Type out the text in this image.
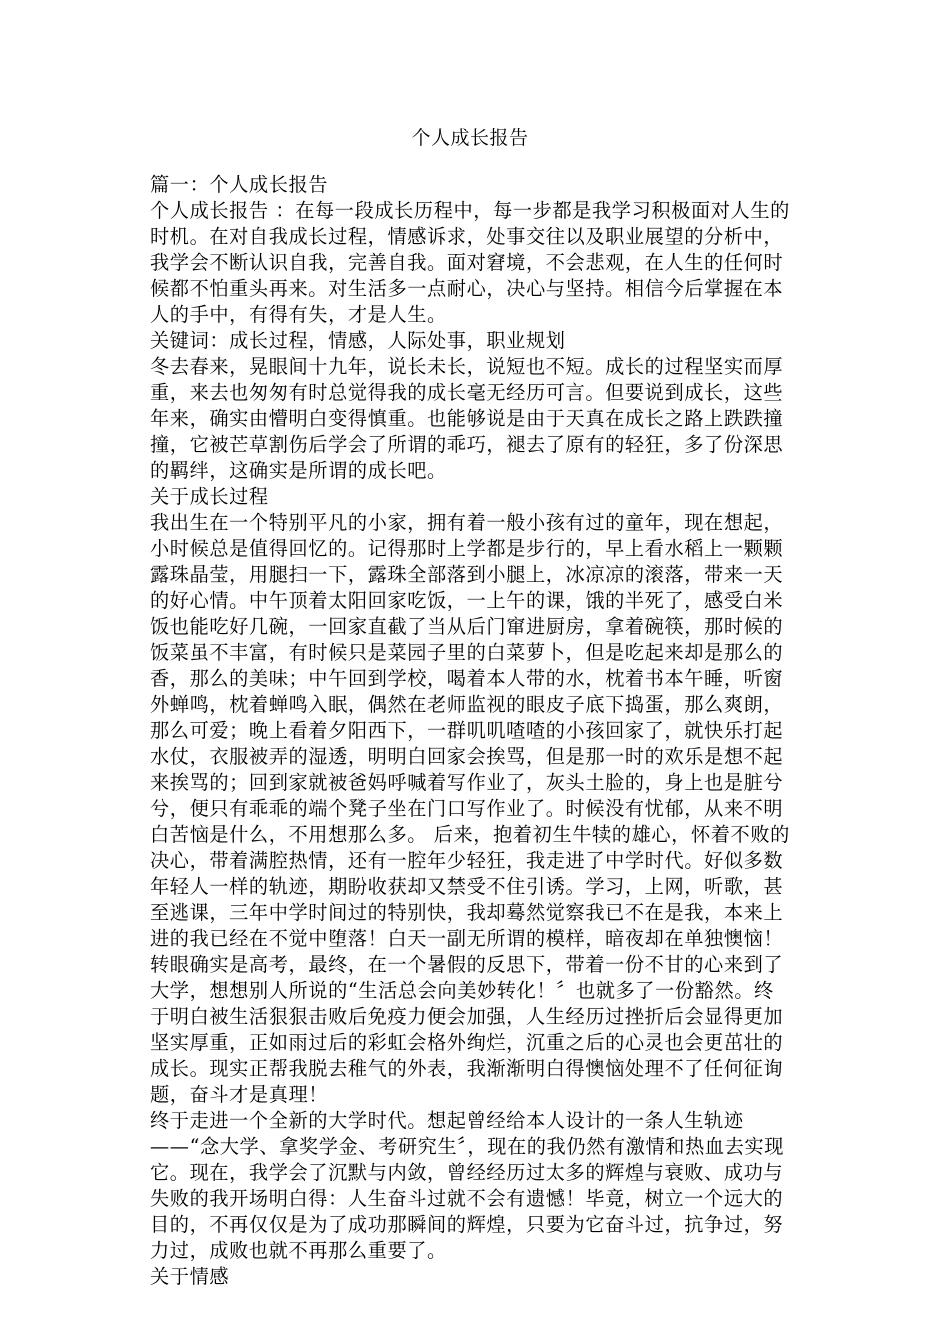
个人成长报告

篇一：个人成长报告

个人成长报告 ：在每一段成长历程中，每一步都是我学习积极面对人生的时机。在对自我成长过程，情感诉求，处事交往以及职业展望的分析中，我学会不断认识自我，完善自我。面对窘境，不会悲观，在人生的任何时候都不怕重头再来。对生活多一点耐心，决心与坚持。相信今后掌握在本人的手中，有得有失，才是人生。

关键词：成长过程，情感，人际处事，职业规划

冬去春来，晃眼间十九年，说长未长，说短也不短。成长的过程坚实而厚重，来去也匆匆有时总觉得我的成长毫无经历可言。但要说到成长，这些年来，确实由懵明白变得慎重。也能够说是由于天真在成长之路上跌跌撞撞，它被芒草割伤后学会了所谓的乖巧，褪去了原有的轻狂，多了份深思的羁绊，这确实是所谓的成长吧。

关于成长过程

我出生在一个特别平凡的小家，拥有着一般小孩有过的童年，现在想起，小时候总是值得回忆的。记得那时上学都是步行的，早上看水稻上一颗颗露珠晶莹，用腿扫一下，露珠全部落到小腿上，冰凉凉的滚落，带来一天的好心情。中午顶着太阳回家吃饭，一上午的课，饿的半死了，感受白米饭也能吃好几碗，一回家直截了当从后门窜进厨房，拿着碗筷，那时候的饭菜虽不丰富，有时候只是菜园子里的白菜萝卜，但是吃起来却是那么的香，那么的美味；中午回到学校，喝着本人带的水，枕着书本午睡，听窗外蝉鸣，枕着蝉鸣入眠，偶然在老师监视的眼皮子底下捣蛋，那么爽朗，那么可爱；晚上看着夕阳西下，一群叽叽喳喳的小孩回家了，就快乐打起水仗，衣服被弄的湿透，明明白回家会挨骂，但是那一时的欢乐是想不起来挨骂的；回到家就被爸妈呼喊着写作业了，灰头土脸的，身上也是脏兮兮，便只有乖乖的端个凳子坐在门口写作业了。时候没有忧郁，从来不明白苦恼是什么，不用想那么多。 后来，抱着初生牛犊的雄心，怀着不败的决心，带着满腔热情，还有一腔年少轻狂，我走进了中学时代。好似多数年轻人一样的轨迹，期盼收获却又禁受不住引诱。学习，上网，听歌，甚至逃课，三年中学时间过的特别快，我却蓦然觉察我已不在是我，本来上进的我已经在不觉中堕落！白天一副无所谓的模样，暗夜却在单独懊恼！转眼确实是高考，最终，在一个暑假的反思下，带着一份不甘的心来到了大学，想想别人所说的“生活总会向美妙转化！〞也就多了一份豁然。终于明白被生活狠狠击败后免疫力便会加强，人生经历过挫折后会显得更加坚实厚重，正如雨过后的彩虹会格外绚烂，沉重之后的心灵也会更茁壮的成长。现实正帮我脱去稚气的外表，我渐渐明白得懊恼处理不了任何征询题，奋斗才是真理！

终于走进一个全新的大学时代。想起曾经给本人设计的一条人生轨迹——“念大学、拿奖学金、考研究生〞，现在的我仍然有激情和热血去实现它。现在，我学会了沉默与内敛，曾经经历过太多的辉煌与衰败、成功与失败的我开场明白得：人生奋斗过就不会有遗憾！毕竟，树立一个远大的目的，不再仅仅是为了成功那瞬间的辉煌，只要为它奋斗过，抗争过，努力过，成败也就不再那么重要了。

关于情感
